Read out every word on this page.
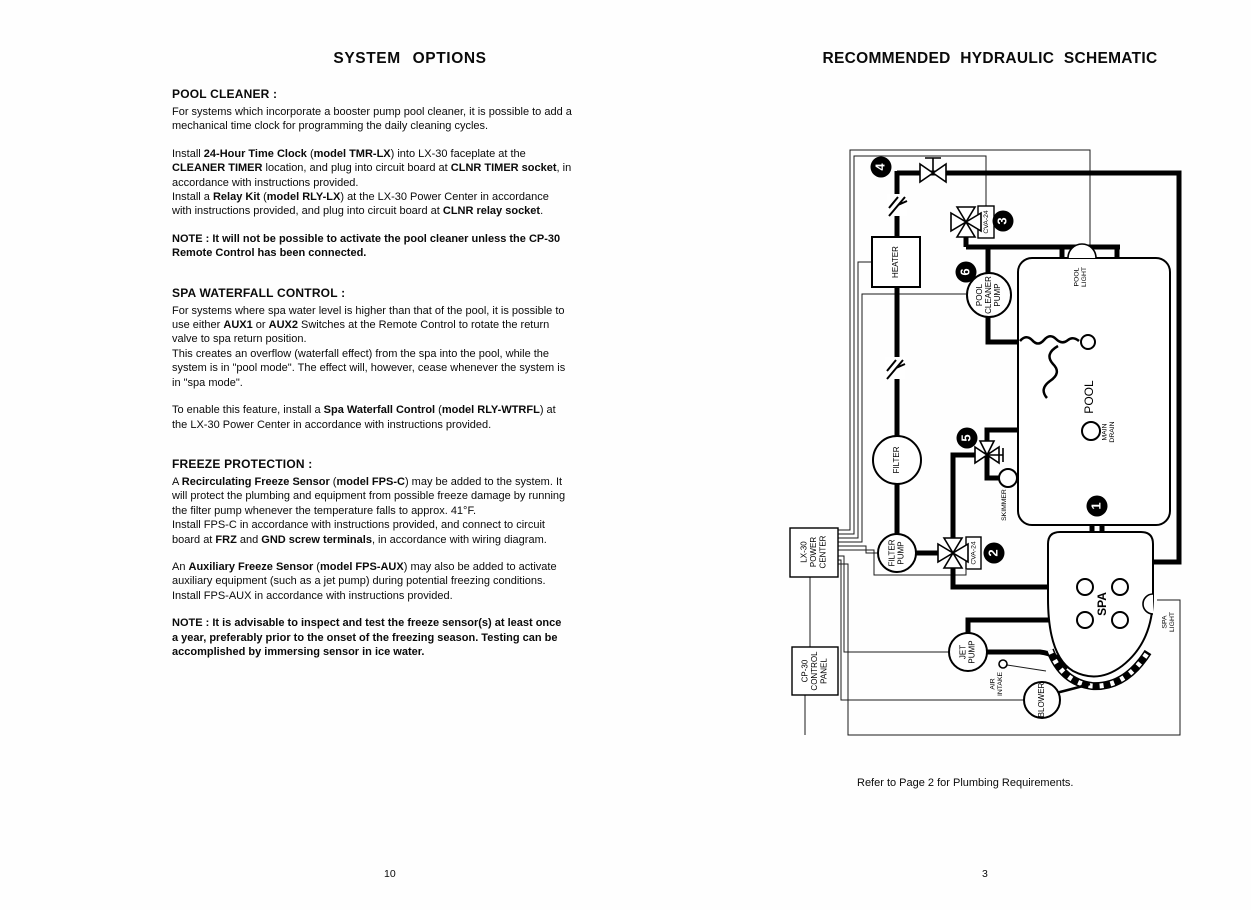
SYSTEM OPTIONS	RECOMMENDED HYDRAULIC SCHEMATIC
POOL CLEANER :
For systems which incorporate a booster pump pool cleaner, it is possible to add a
mechanical time clock for programming the daily cleaning cycles.
Install 24-Hour Time Clock (model TMR-LX) into LX-30 faceplate at the
CLEANER TIMER location, and plug into circuit board at CLNR TIMER socket, in
accordance with instructions provided.
Install a Relay Kit (model RLY-LX) at the LX-30 Power Center in accordance
with instructions provided, and plug into circuit board at CLNR relay socket.
NOTE : It will not be possible to activate the pool cleaner unless the CP-30
Remote Control has been connected.
SPA WATERFALL CONTROL :
For systems where spa water level is higher than that of the pool, it is possible to
use either AUX1 or AUX2 Switches at the Remote Control to rotate the return
valve to spa return position.
This creates an overflow (waterfall effect) from the spa into the pool, while the
system is in "pool mode". The effect will, however, cease whenever the system is
in "spa mode".
To enable this feature, install a Spa Waterfall Control (model RLY-WTRFL) at
the LX-30 Power Center in accordance with instructions provided.
FREEZE PROTECTION :
A Recirculating Freeze Sensor (model FPS-C) may be added to the system. It
will protect the plumbing and equipment from possible freeze damage by running
the filter pump whenever the temperature falls to approx. 41°F.
Install FPS-C in accordance with instructions provided, and connect to circuit
board at FRZ and GND screw terminals, in accordance with wiring diagram.
An Auxiliary Freeze Sensor (model FPS-AUX) may also be added to activate
auxiliary equipment (such as a jet pump) during potential freezing conditions.
Install FPS-AUX in accordance with instructions provided.
NOTE : It is advisable to inspect and test the freeze sensor(s) at least once
a year, preferably prior to the onset of the freezing season. Testing can be
accomplished by immersing sensor in ice water.
4
3
6
5
2
1
HEATER
FILTER
FILTERPUMP
POOLCLEANERPUMP
JETPUMP
BLOWER
LX-30POWERCENTER
CP-30CONTROLPANEL
POOL
SPA
POOLLIGHT
SPALIGHT
MAINDRAIN
SKIMMER
AIRINTAKE
CVA-24
CVA-24
Refer to Page 2 for Plumbing Requirements.
10	3
